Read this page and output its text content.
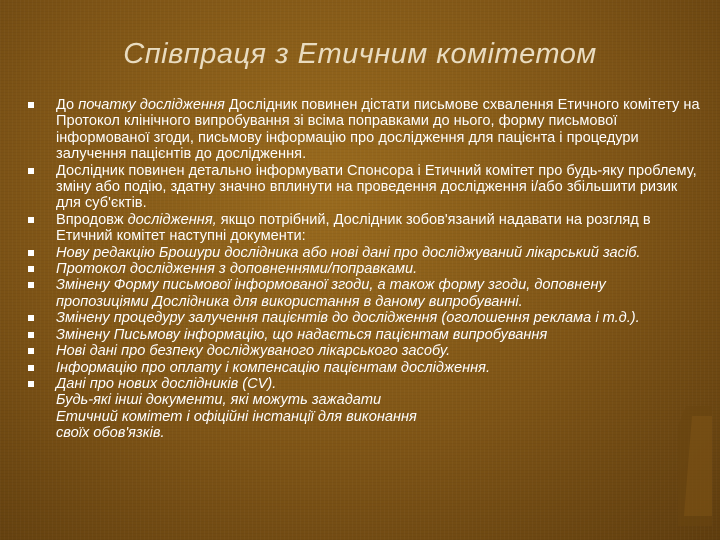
Співпраця з Етичним комітетом
До початку дослідження Дослідник повинен дістати письмове схвалення Етичного комітету на Протокол клінічного випробування зі всіма поправками до нього, форму письмової інформованої згоди, письмову інформацію про дослідження для пацієнта і процедури залучення пацієнтів до дослідження.
Дослідник повинен детально інформувати Спонсора і Етичний комітет про будь-яку проблему, зміну або подію, здатну значно вплинути на проведення дослідження і/або збільшити ризик для суб'єктів.
Впродовж дослідження, якщо потрібний, Дослідник зобов'язаний надавати на розгляд в Етичний комітет наступні документи:
Нову редакцію Брошури дослідника або нові дані про досліджуваний лікарський засіб.
Протокол дослідження з доповненнями/поправками.
Змінену Форму письмової інформованої згоди, а також форму згоди, доповнену пропозиціями Дослідника для використання в даному випробуванні.
Змінену процедуру залучення пацієнтів до дослідження (оголошення реклама і т.д.).
Змінену Письмову інформацію, що надається пацієнтам випробування
Нові дані про безпеку досліджуваного лікарського засобу.
Інформацію про оплату і компенсацію пацієнтам дослідження.
Дані про нових дослідників (CV).
Будь-які інші документи, які можуть зажадати Етичний комітет і офіційні інстанції для виконання своїх обов'язків.
